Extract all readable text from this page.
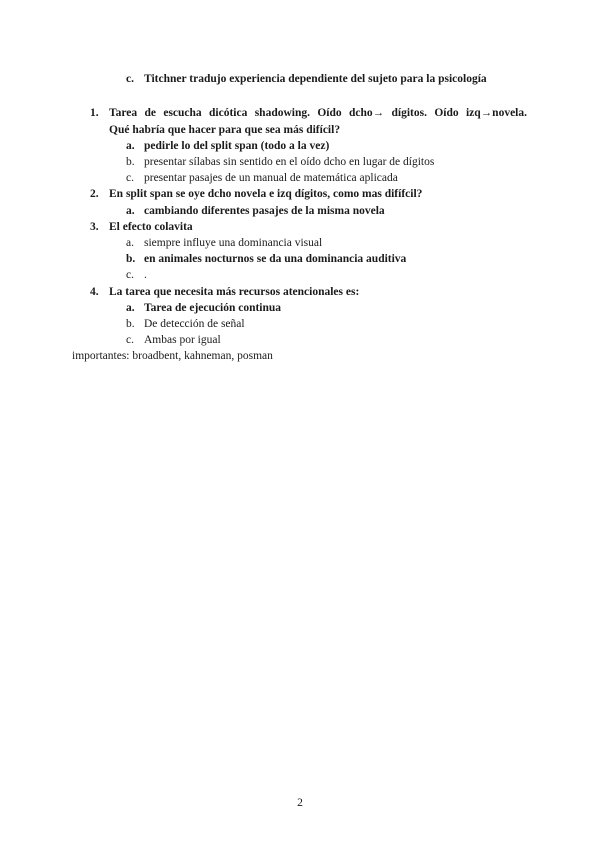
c. Titchner tradujo experiencia dependiente del sujeto para la psicología
1. Tarea de escucha dicótica shadowing. Oído dcho→ dígitos. Oído izq→novela.
Qué habría que hacer para que sea más difícil?
a. pedirle lo del split span (todo a la vez)
b. presentar sílabas sin sentido en el oído dcho en lugar de dígitos
c. presentar pasajes de un manual de matemática aplicada
2. En split span se oye dcho novela e izq dígitos, como mas difífcil?
a. cambiando diferentes pasajes de la misma novela
3. El efecto colavita
a. siempre influye una dominancia visual
b. en animales nocturnos se da una dominancia auditiva
c. .
4. La tarea que necesita más recursos atencionales es:
a. Tarea de ejecución continua
b. De detección de señal
c. Ambas por igual
importantes: broadbent, kahneman, posman
2
